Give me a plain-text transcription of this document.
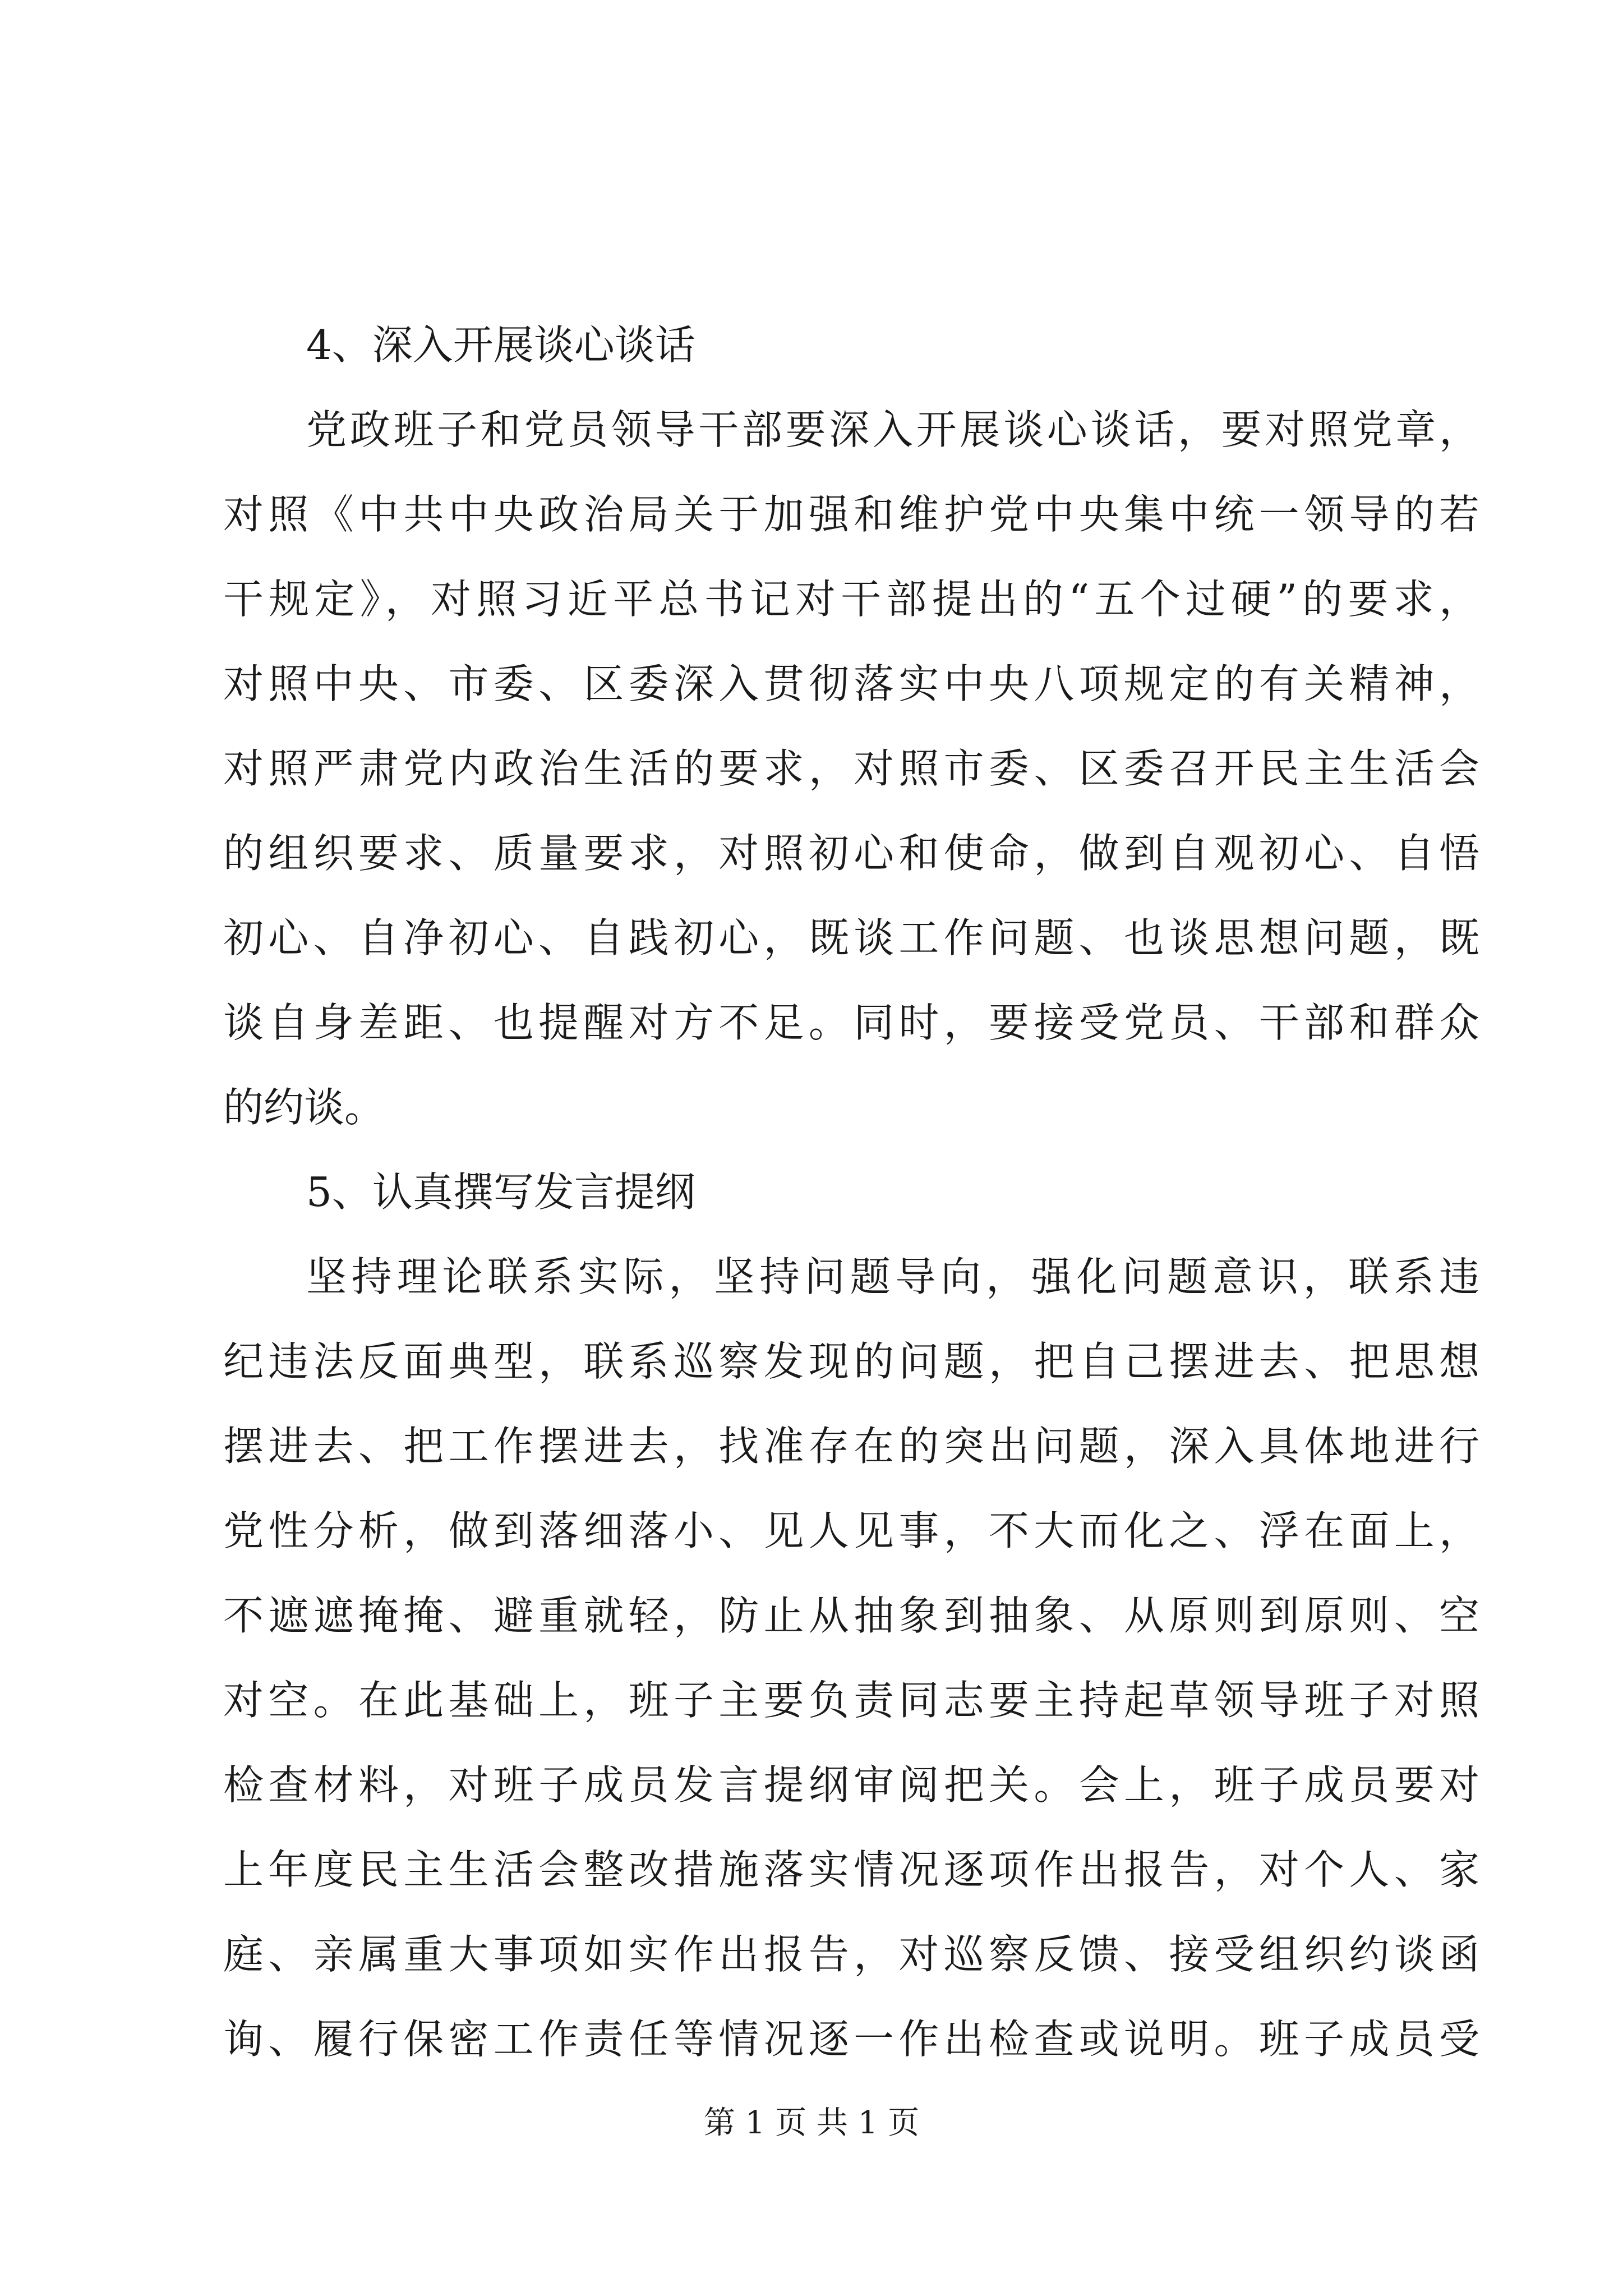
4、深入开展谈心谈话
党政班子和党员领导干部要深入开展谈心谈话，要对照党章，
对照《中共中央政治局关于加强和维护党中央集中统一领导的若
干规定》，对照习近平总书记对干部提出的“五个过硬”的要求，
对照中央、市委、区委深入贯彻落实中央八项规定的有关精神，
对照严肃党内政治生活的要求，对照市委、区委召开民主生活会
的组织要求、质量要求，对照初心和使命，做到自观初心、自悟
初心、自净初心、自践初心，既谈工作问题、也谈思想问题，既
谈自身差距、也提醒对方不足。同时，要接受党员、干部和群众
的约谈。
5、认真撰写发言提纲
坚持理论联系实际，坚持问题导向，强化问题意识，联系违
纪违法反面典型，联系巡察发现的问题，把自己摆进去、把思想
摆进去、把工作摆进去，找准存在的突出问题，深入具体地进行
党性分析，做到落细落小、见人见事，不大而化之、浮在面上，
不遮遮掩掩、避重就轻，防止从抽象到抽象、从原则到原则、空
对空。在此基础上，班子主要负责同志要主持起草领导班子对照
检查材料，对班子成员发言提纲审阅把关。会上，班子成员要对
上年度民主生活会整改措施落实情况逐项作出报告，对个人、家
庭、亲属重大事项如实作出报告，对巡察反馈、接受组织约谈函
询、履行保密工作责任等情况逐一作出检查或说明。班子成员受
第 1 页 共 1 页
